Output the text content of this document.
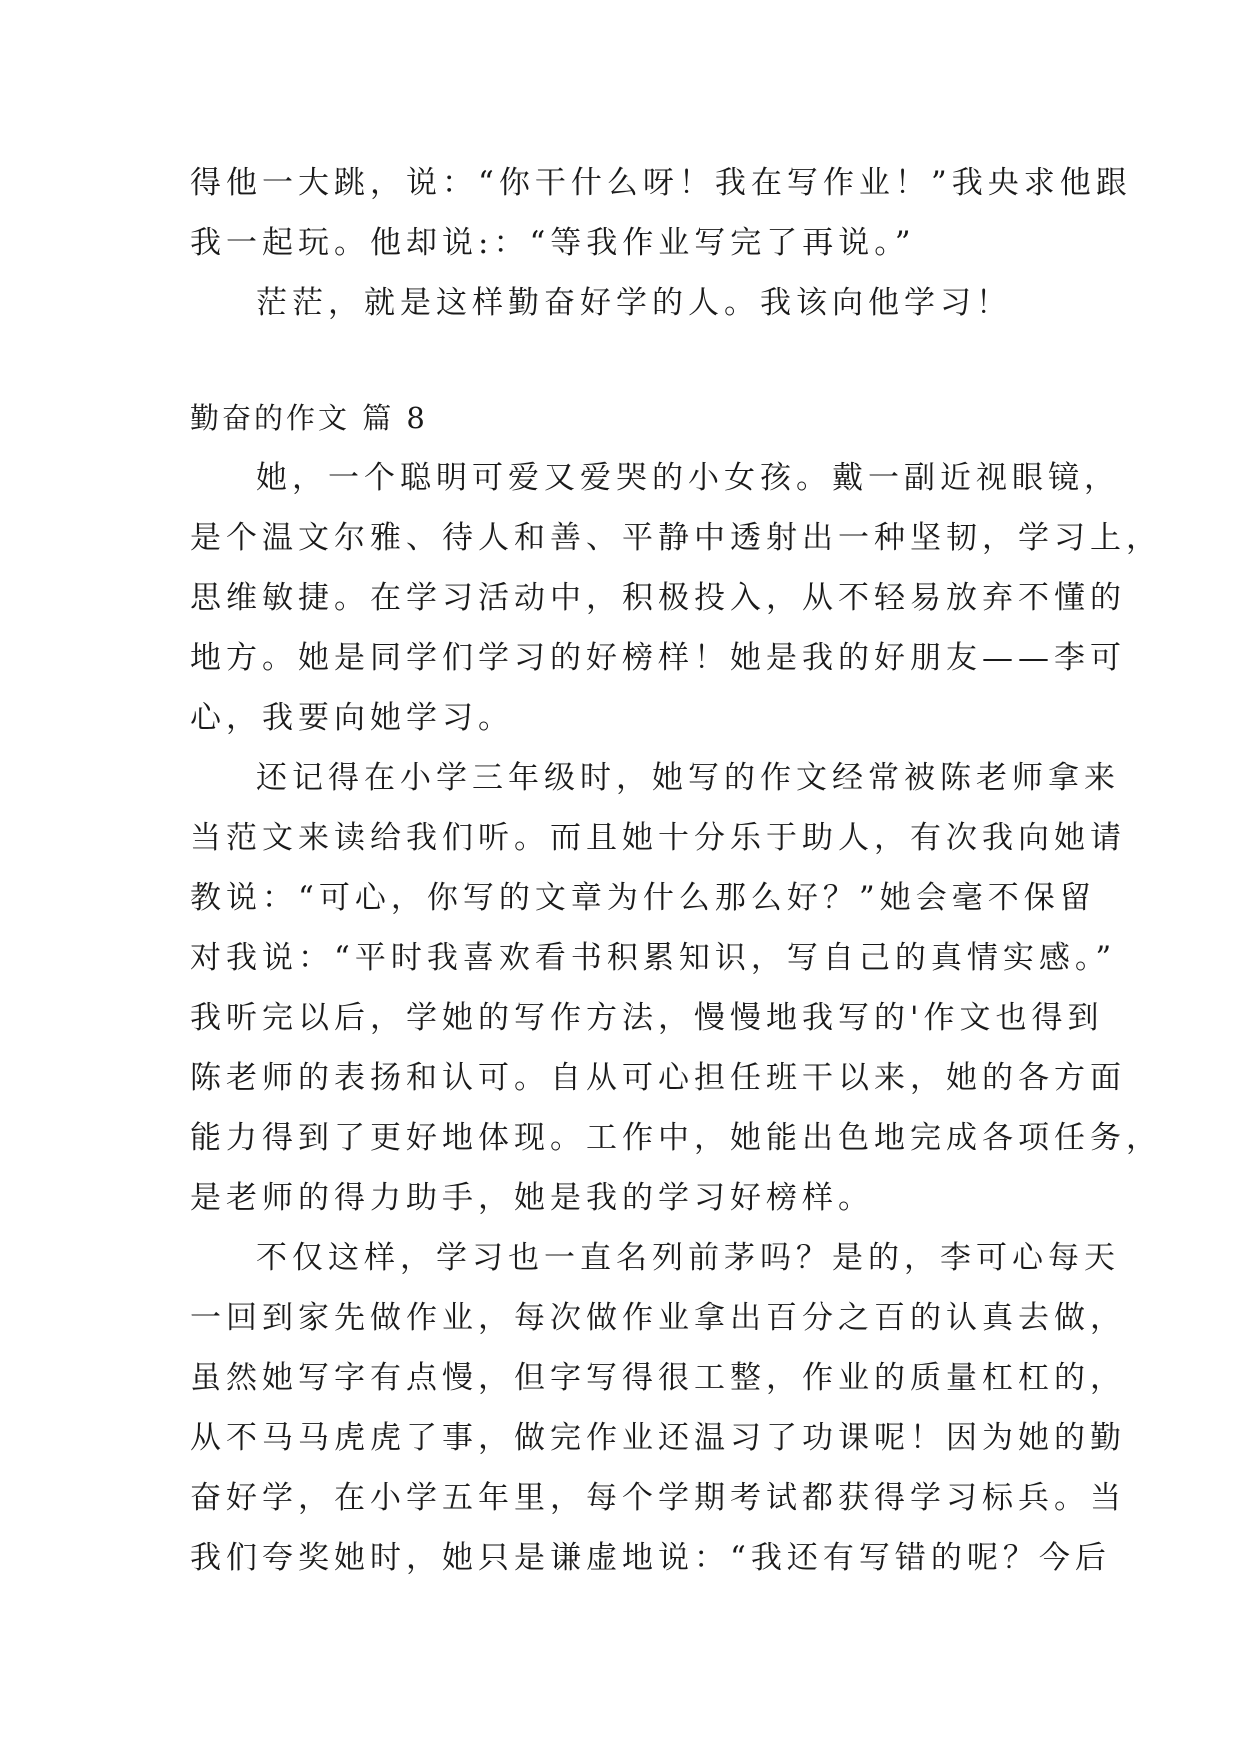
得他一大跳，说：“你干什么呀！我在写作业！”我央求他跟
我一起玩。他却说:：“等我作业写完了再说。”
茫茫，就是这样勤奋好学的人。我该向他学习！
勤奋的作文 篇 8
她，一个聪明可爱又爱哭的小女孩。戴一副近视眼镜，
是个温文尔雅、待人和善、平静中透射出一种坚韧，学习上，
思维敏捷。在学习活动中，积极投入，从不轻易放弃不懂的
地方。她是同学们学习的好榜样！她是我的好朋友——李可
心，我要向她学习。
还记得在小学三年级时，她写的作文经常被陈老师拿来
当范文来读给我们听。而且她十分乐于助人，有次我向她请
教说：“可心，你写的文章为什么那么好？”她会毫不保留
对我说：“平时我喜欢看书积累知识，写自己的真情实感。”
我听完以后，学她的写作方法，慢慢地我写的'作文也得到
陈老师的表扬和认可。自从可心担任班干以来，她的各方面
能力得到了更好地体现。工作中，她能出色地完成各项任务，
是老师的得力助手，她是我的学习好榜样。
不仅这样，学习也一直名列前茅吗？是的，李可心每天
一回到家先做作业，每次做作业拿出百分之百的认真去做，
虽然她写字有点慢，但字写得很工整，作业的质量杠杠的，
从不马马虎虎了事，做完作业还温习了功课呢！因为她的勤
奋好学，在小学五年里，每个学期考试都获得学习标兵。当
我们夸奖她时，她只是谦虚地说：“我还有写错的呢？今后
